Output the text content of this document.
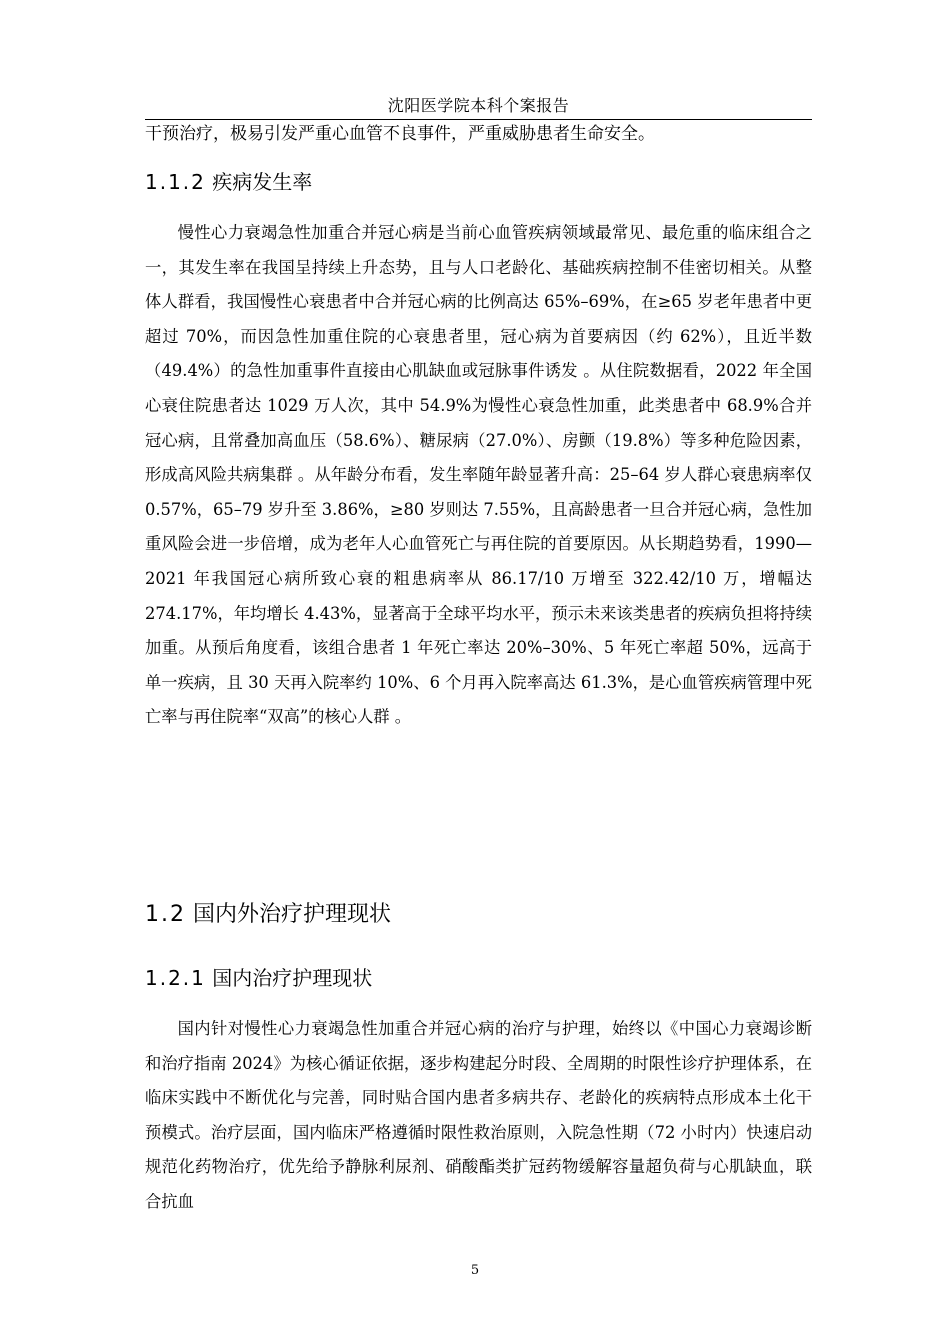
沈阳医学院本科个案报告
干预治疗，极易引发严重心血管不良事件，严重威胁患者生命安全。
1.1.2 疾病发生率

慢性心力衰竭急性加重合并冠心病是当前心血管疾病领域最常见、最危重的临床组合之一，其发生率在我国呈持续上升态势，且与人口老龄化、基础疾病控制不佳密切相关。从整体人群看，我国慢性心衰患者中合并冠心病的比例高达 65%–69%，在≥65 岁老年患者中更超过 70%，而因急性加重住院的心衰患者里，冠心病为首要病因（约 62%），且近半数（49.4%）的急性加重事件直接由心肌缺血或冠脉事件诱发 。从住院数据看，2022 年全国心衰住院患者达 1029 万人次，其中 54.9%为慢性心衰急性加重，此类患者中 68.9%合并冠心病，且常叠加高血压（58.6%）、糖尿病（27.0%）、房颤（19.8%）等多种危险因素，形成高风险共病集群 。从年龄分布看，发生率随年龄显著升高：25–64 岁人群心衰患病率仅 0.57%，65–79 岁升至 3.86%，≥80 岁则达 7.55%，且高龄患者一旦合并冠心病，急性加重风险会进一步倍增，成为老年人心血管死亡与再住院的首要原因。从长期趋势看，1990—2021 年我国冠心病所致心衰的粗患病率从 86.17/10 万增至 322.42/10 万，增幅达 274.17%，年均增长 4.43%，显著高于全球平均水平，预示未来该类患者的疾病负担将持续加重。从预后角度看，该组合患者 1 年死亡率达 20%–30%、5 年死亡率超 50%，远高于单一疾病，且 30 天再入院率约 10%、6 个月再入院率高达 61.3%，是心血管疾病管理中死亡率与再住院率“双高”的核心人群 。

1.2 国内外治疗护理现状
1.2.1 国内治疗护理现状

国内针对慢性心力衰竭急性加重合并冠心病的治疗与护理，始终以《中国心力衰竭诊断和治疗指南 2024》为核心循证依据，逐步构建起分时段、全周期的时限性诊疗护理体系，在临床实践中不断优化与完善，同时贴合国内患者多病共存、老龄化的疾病特点形成本土化干预模式。治疗层面，国内临床严格遵循时限性救治原则，入院急性期（72 小时内）快速启动规范化药物治疗，优先给予静脉利尿剂、硝酸酯类扩冠药物缓解容量超负荷与心肌缺血，联合抗血

5
